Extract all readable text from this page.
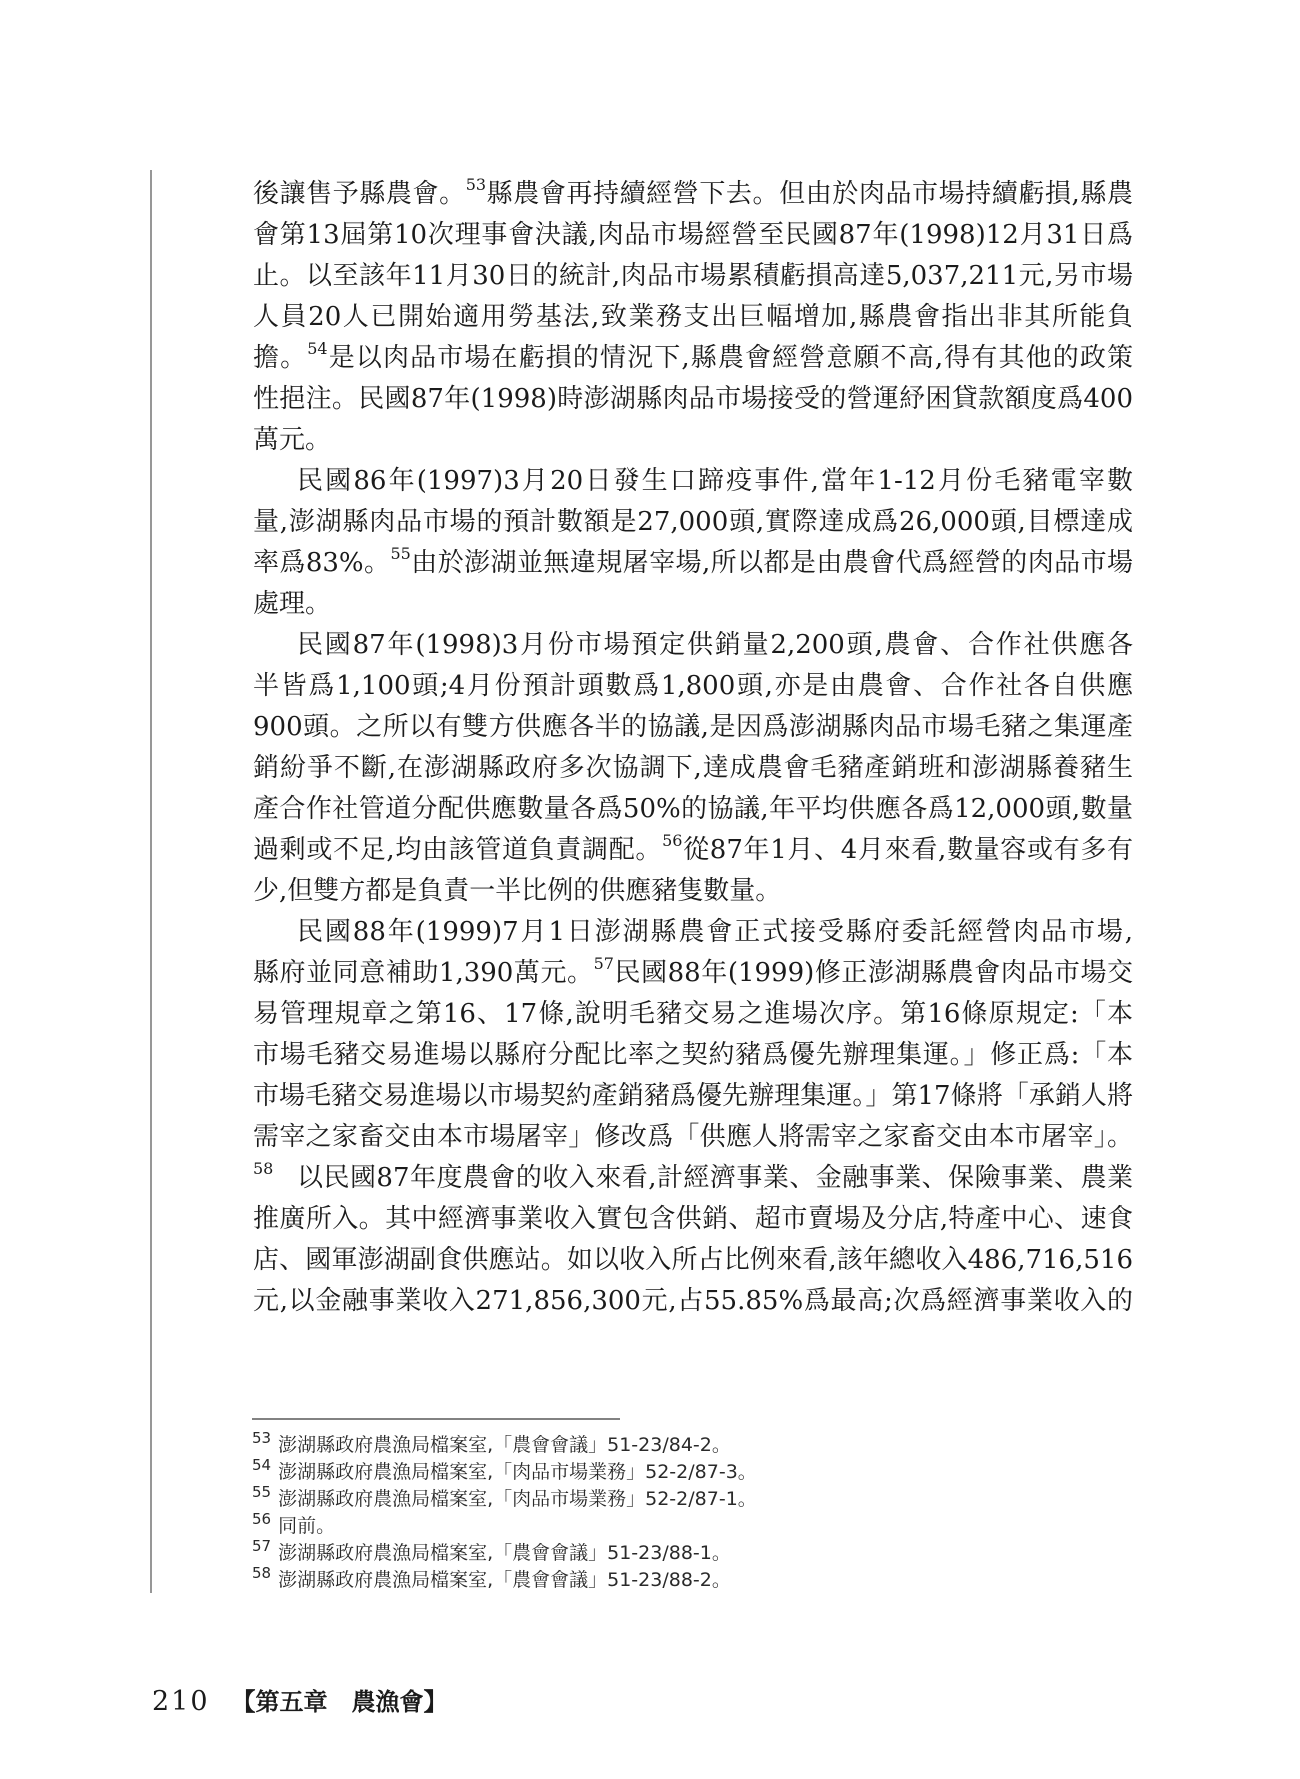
後讓售予縣農會。$^{53}$縣農會再持續經營下去。但由於肉品市場持續虧損,縣農
會第13屆第10次理事會決議,肉品市場經營至民國87年(1998)12月31日爲
止。以至該年11月30日的統計,肉品市場累積虧損高達5,037,211元,另市場
人員20人已開始適用勞基法,致業務支出巨幅增加,縣農會指出非其所能負
擔。$^{54}$是以肉品市場在虧損的情況下,縣農會經營意願不高,得有其他的政策
性挹注。民國87年(1998)時澎湖縣肉品市場接受的營運紓困貸款額度爲400
萬元。
民國86年(1997)3月20日發生口蹄疫事件,當年1-12月份毛豬電宰數
量,澎湖縣肉品市場的預計數額是27,000頭,實際達成爲26,000頭,目標達成
率爲83%。$^{55}$由於澎湖並無違規屠宰場,所以都是由農會代爲經營的肉品市場
處理。
民國87年(1998)3月份市場預定供銷量2,200頭,農會、合作社供應各
半皆爲1,100頭;4月份預計頭數爲1,800頭,亦是由農會、合作社各自供應
900頭。之所以有雙方供應各半的協議,是因爲澎湖縣肉品市場毛豬之集運產
銷紛爭不斷,在澎湖縣政府多次協調下,達成農會毛豬產銷班和澎湖縣養豬生
產合作社管道分配供應數量各爲50%的協議,年平均供應各爲12,000頭,數量
過剩或不足,均由該管道負責調配。$^{56}$從87年1月、4月來看,數量容或有多有
少,但雙方都是負責一半比例的供應豬隻數量。
民國88年(1999)7月1日澎湖縣農會正式接受縣府委託經營肉品市場,
縣府並同意補助1,390萬元。$^{57}$民國88年(1999)修正澎湖縣農會肉品市場交
易管理規章之第16、17條,說明毛豬交易之進場次序。第16條原規定:「本
市場毛豬交易進場以縣府分配比率之契約豬爲優先辦理集運。」修正爲:「本
市場毛豬交易進場以市場契約產銷豬爲優先辦理集運。」第17條將「承銷人將
需宰之家畜交由本市場屠宰」修改爲「供應人將需宰之家畜交由本市屠宰」。$^{58}$ 以民國87年度農會的收入來看,計經濟事業、金融事業、保險事業、農業
推廣所入。其中經濟事業收入實包含供銷、超市賣場及分店,特產中心、速食
店、國軍澎湖副食供應站。如以收入所占比例來看,該年總收入486,716,516
元,以金融事業收入271,856,300元,占55.85%爲最高;次爲經濟事業收入的
$^{53}$ 澎湖縣政府農漁局檔案室,「農會會議」51-23/84-2。
$^{54}$ 澎湖縣政府農漁局檔案室,「肉品市場業務」52-2/87-3。
$^{55}$ 澎湖縣政府農漁局檔案室,「肉品市場業務」52-2/87-1。
$^{56}$ 同前。
$^{57}$ 澎湖縣政府農漁局檔案室,「農會會議」51-23/88-1。
$^{58}$ 澎湖縣政府農漁局檔案室,「農會會議」51-23/88-2。
210 【第五章　農漁會】
